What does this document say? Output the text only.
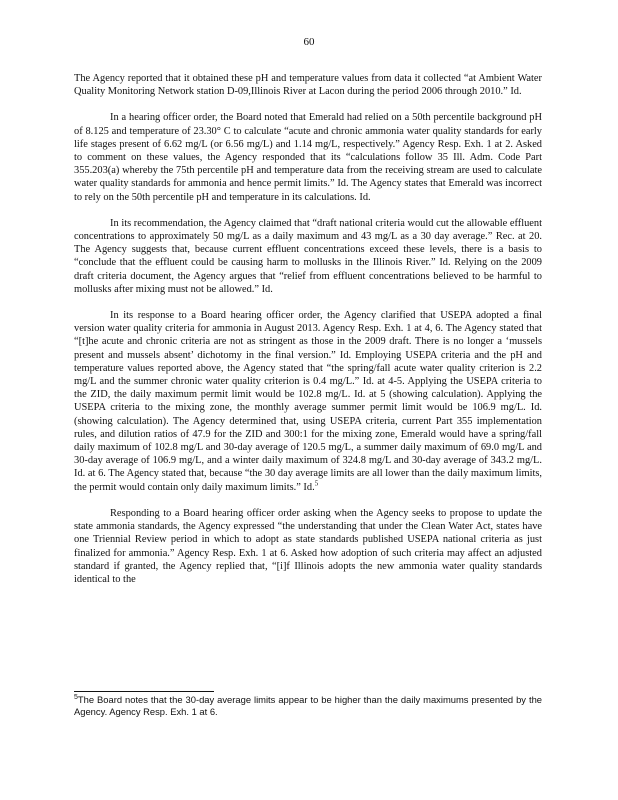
60

The Agency reported that it obtained these pH and temperature values from data it collected “at Ambient Water Quality Monitoring Network station D-09,Illinois River at Lacon during the period 2006 through 2010.” Id.

In a hearing officer order, the Board noted that Emerald had relied on a 50th percentile background pH of 8.125 and temperature of 23.30° C to calculate “acute and chronic ammonia water quality standards for early life stages present of 6.62 mg/L (or 6.56 mg/L) and 1.14 mg/L, respectively.” Agency Resp. Exh. 1 at 2. Asked to comment on these values, the Agency responded that its “calculations follow 35 Ill. Adm. Code Part 355.203(a) whereby the 75th percentile pH and temperature data from the receiving stream are used to calculate water quality standards for ammonia and hence permit limits.” Id. The Agency states that Emerald was incorrect to rely on the 50th percentile pH and temperature in its calculations. Id.

In its recommendation, the Agency claimed that “draft national criteria would cut the allowable effluent concentrations to approximately 50 mg/L as a daily maximum and 43 mg/L as a 30 day average.” Rec. at 20. The Agency suggests that, because current effluent concentrations exceed these levels, there is a basis to “conclude that the effluent could be causing harm to mollusks in the Illinois River.” Id. Relying on the 2009 draft criteria document, the Agency argues that “relief from effluent concentrations believed to be harmful to mollusks after mixing must not be allowed.” Id.

In its response to a Board hearing officer order, the Agency clarified that USEPA adopted a final version water quality criteria for ammonia in August 2013. Agency Resp. Exh. 1 at 4, 6. The Agency stated that “[t]he acute and chronic criteria are not as stringent as those in the 2009 draft. There is no longer a ‘mussels present and mussels absent’ dichotomy in the final version.” Id. Employing USEPA criteria and the pH and temperature values reported above, the Agency stated that “the spring/fall acute water quality criterion is 2.2 mg/L and the summer chronic water quality criterion is 0.4 mg/L.” Id. at 4-5. Applying the USEPA criteria to the ZID, the daily maximum permit limit would be 102.8 mg/L. Id. at 5 (showing calculation). Applying the USEPA criteria to the mixing zone, the monthly average summer permit limit would be 106.9 mg/L. Id. (showing calculation). The Agency determined that, using USEPA criteria, current Part 355 implementation rules, and dilution ratios of 47.9 for the ZID and 300:1 for the mixing zone, Emerald would have a spring/fall daily maximum of 102.8 mg/L and 30-day average of 120.5 mg/L, a summer daily maximum of 69.0 mg/L and 30-day average of 106.9 mg/L, and a winter daily maximum of 324.8 mg/L and 30-day average of 343.2 mg/L. Id. at 6. The Agency stated that, because “the 30 day average limits are all lower than the daily maximum limits, the permit would contain only daily maximum limits.” Id.$^5$

Responding to a Board hearing officer order asking when the Agency seeks to propose to update the state ammonia standards, the Agency expressed “the understanding that under the Clean Water Act, states have one Triennial Review period in which to adopt as state standards published USEPA national criteria as just finalized for ammonia.” Agency Resp. Exh. 1 at 6. Asked how adoption of such criteria may affect an adjusted standard if granted, the Agency replied that, “[i]f Illinois adopts the new ammonia water quality standards identical to the

$^5$The Board notes that the 30-day average limits appear to be higher than the daily maximums presented by the Agency. Agency Resp. Exh. 1 at 6.
